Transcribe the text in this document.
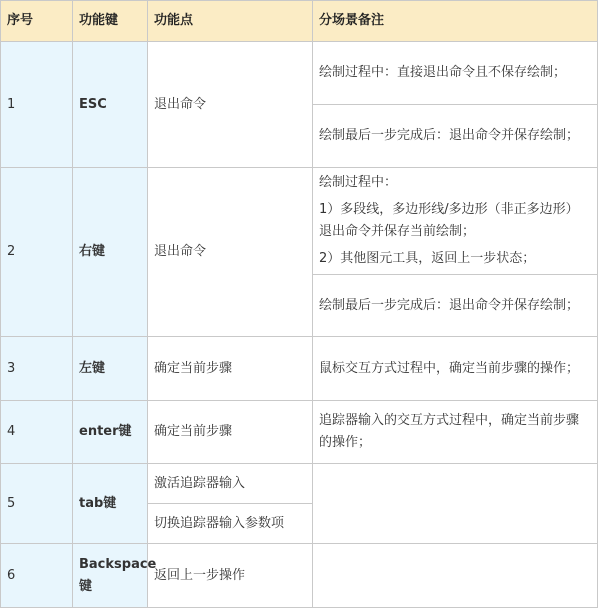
序号	功能键	功能点	分场景备注
1	ESC	退出命令	绘制过程中：直接退出命令且不保存绘制；

			绘制最后一步完成后：退出命令并保存绘制；

2	右键	退出命令	绘制过程中：
1）多段线，多边形线/多边形（非正多边形）退出命令并保存当前绘制；
2）其他图元工具，返回上一步状态；

			绘制最后一步完成后：退出命令并保存绘制；

3	左键	确定当前步骤	鼠标交互方式过程中，确定当前步骤的操作；

4	enter键	确定当前步骤	追踪器输入的交互方式过程中，确定当前步骤的操作；

5	tab键	激活追踪器输入	
		切换追踪器输入参数项	
6	Backspace键	返回上一步操作	
